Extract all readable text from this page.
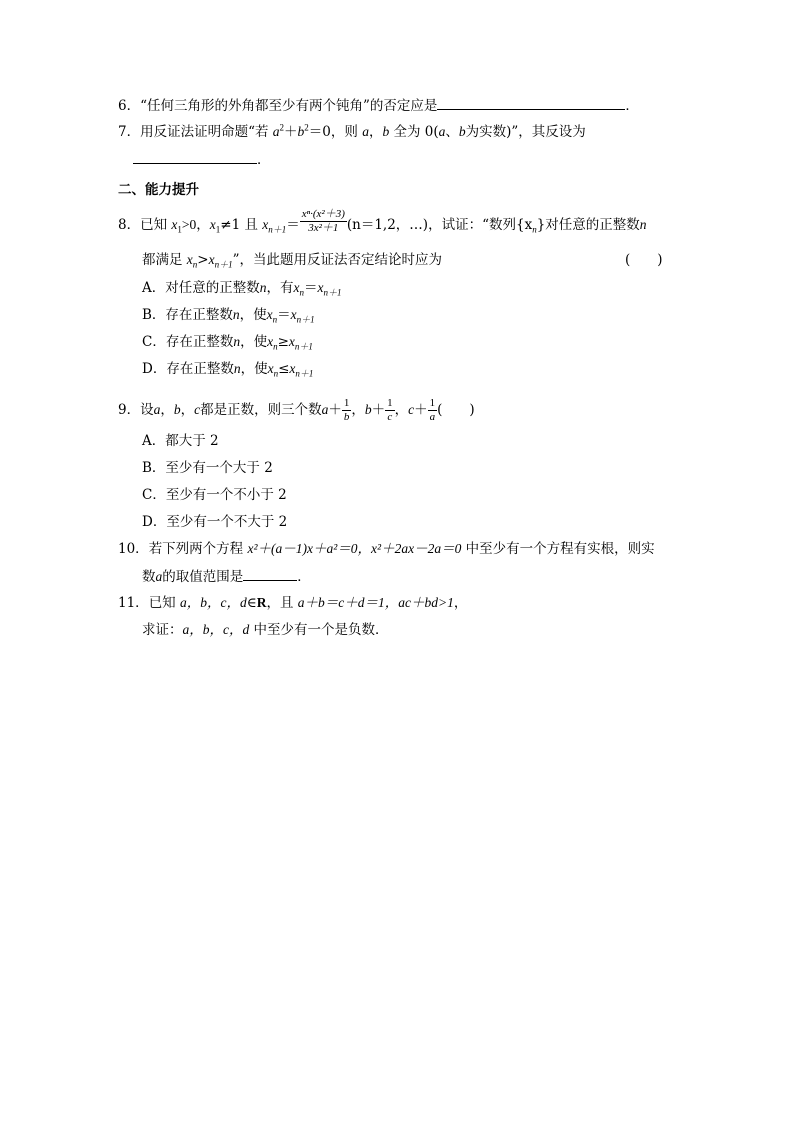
6．“任何三角形的外角都至少有两个钝角”的否定应是	．
7．用反证法证明命题“若 $a^2+b^2=0$，则 a，b 全为 0(a、b为实数)”，其反设为
．
二、能力提升
8．已知 $x_1>0$，$x_1\ne 1$ 且 $x_{n+1}= \frac{\text{xⁿ·(x²＋3)}}{\text{3x²＋1}} (n=1,2$，…)，试证：“数列$\{x_n\}$对任意的正整数n
都满足 $x_n>x_{n+1}$”，当此题用反证法否定结论时应为	(　　)
A．对任意的正整数n，有$x_n=x_{n+1}$
B．存在正整数n，使$x_n=x_{n+1}$
C．存在正整数n，使$x_n\ge x_{n+1}$
D．存在正整数n，使$x_n\le x_{n+1}$
9．设a，b，c都是正数，则三个数$a+ \frac{1}{b}$ ，$b+ \frac{1}{c}$ ，$c+ \frac{1}{a}$ (　　)
A．都大于 2
B．至少有一个大于 2
C．至少有一个不小于 2
D．至少有一个不大于 2
10．若下列两个方程 x²＋(a－1)x＋a²＝0，x²＋2ax－2a＝0 中至少有一个方程有实根，则实
数a的取值范围是	．
11．已知 a，b，c，d∈R，且 a＋b＝c＋d＝1，ac＋bd>1，
求证：a，b，c，d 中至少有一个是负数．
